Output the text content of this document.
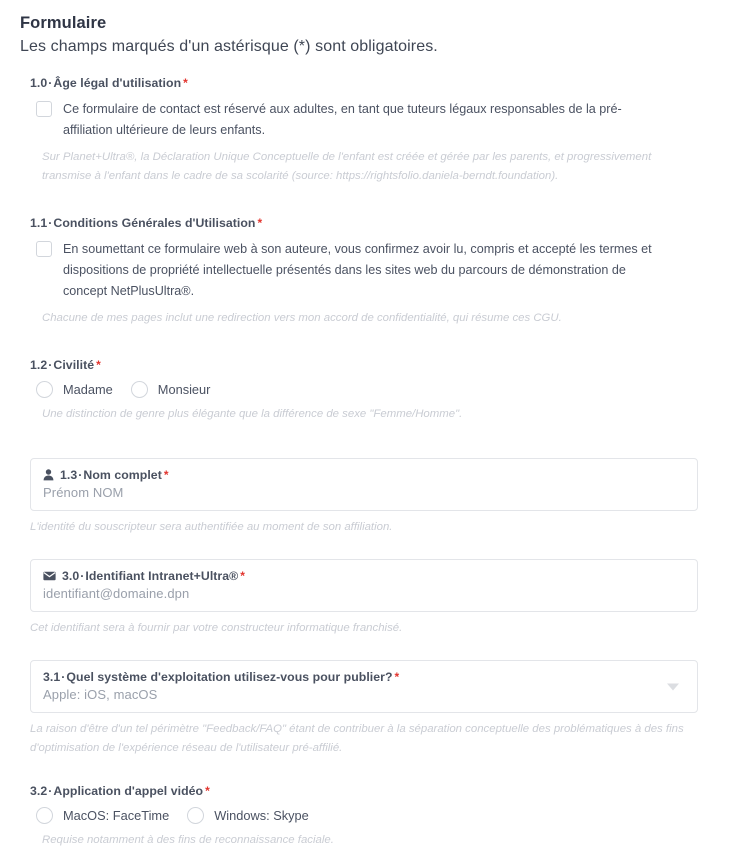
Formulaire
Les champs marqués d'un astérisque (*) sont obligatoires.
1.0·Âge légal d'utilisation *
Ce formulaire de contact est réservé aux adultes, en tant que tuteurs légaux responsables de la pré-affiliation ultérieure de leurs enfants.
Sur Planet+Ultra®, la Déclaration Unique Conceptuelle de l'enfant est créée et gérée par les parents, et progressivement transmise à l'enfant dans le cadre de sa scolarité (source: https://rightsfolio.daniela-berndt.foundation).
1.1·Conditions Générales d'Utilisation *
En soumettant ce formulaire web à son auteure, vous confirmez avoir lu, compris et accepté les termes et dispositions de propriété intellectuelle présentés dans les sites web du parcours de démonstration de concept NetPlusUltra®.
Chacune de mes pages inclut une redirection vers mon accord de confidentialité, qui résume ces CGU.
1.2·Civilité *
Madame	Monsieur
Une distinction de genre plus élégante que la différence de sexe "Femme/Homme".
1.3 · Nom complet *
Prénom NOM
L'identité du souscripteur sera authentifiée au moment de son affiliation.
3.0 · Identifiant Intranet+Ultra® *
identifiant@domaine.dpn
Cet identifiant sera à fournir par votre constructeur informatique franchisé.
3.1 · Quel système d'exploitation utilisez-vous pour publier? *
Apple: iOS, macOS
La raison d'être d'un tel périmètre "Feedback/FAQ" étant de contribuer à la séparation conceptuelle des problématiques à des fins d'optimisation de l'expérience réseau de l'utilisateur pré-affilié.
3.2·Application d'appel vidéo *
MacOS: FaceTime	Windows: Skype
Requise notamment à des fins de reconnaissance faciale.
